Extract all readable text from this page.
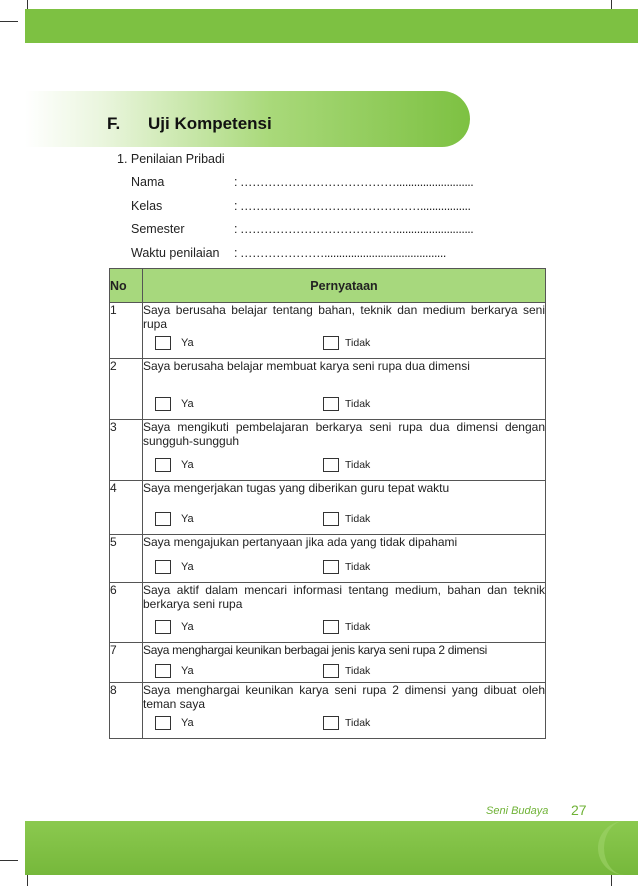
F. Uji Kompetensi
1. Penilaian Pribadi
Nama	: …………………………………..........................
Kelas	: ……………………………………….................
Semester	: …………………………………..........................
Waktu penilaian : ………………….........................................
No	Pernyataan
1	Saya berusaha belajar tentang bahan, teknik dan medium berkarya seni rupa
Ya Tidak

2	Saya berusaha belajar membuat karya seni rupa dua dimensi
Ya Tidak

3	Saya mengikuti pembelajaran berkarya seni rupa dua dimensi dengan sungguh-sungguh
Ya Tidak

4	Saya mengerjakan tugas yang diberikan guru tepat waktu
Ya Tidak

5	Saya mengajukan pertanyaan jika ada yang tidak dipahami
Ya Tidak

6	Saya aktif dalam mencari informasi tentang medium, bahan dan teknik berkarya seni rupa
Ya Tidak

7	Saya menghargai keunikan berbagai jenis karya seni rupa 2 dimensi
Ya Tidak

8	Saya menghargai keunikan karya seni rupa 2 dimensi yang dibuat oleh teman saya
Ya Tidak
Seni Budaya 27
